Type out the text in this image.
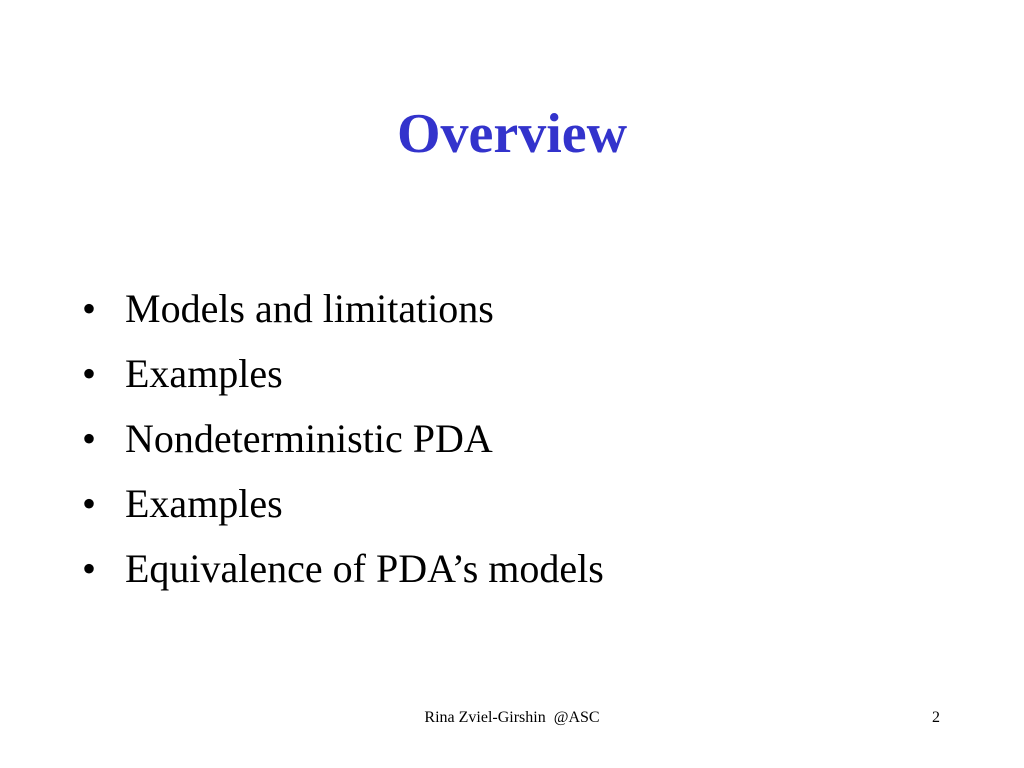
Overview
• Models and limitations
• Examples
• Nondeterministic PDA
• Examples
• Equivalence of PDA’s models
Rina Zviel-Girshin  @ASC	2
